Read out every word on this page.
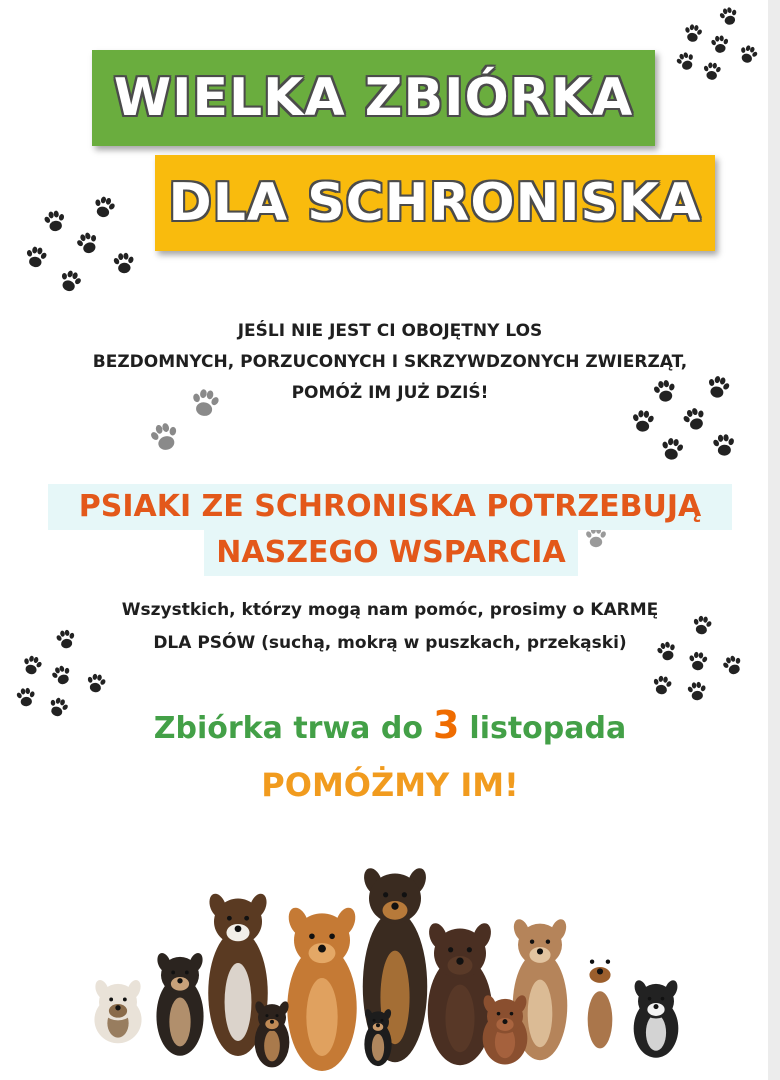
WIELKA ZBIÓRKA
DLA SCHRONISKA
JEŚLI NIE JEST CI OBOJĘTNY LOS
BEZDOMNYCH, PORZUCONYCH I SKRZYWDZONYCH ZWIERZĄT,
POMÓŻ IM JUŻ DZIŚ!
PSIAKI ZE SCHRONISKA POTRZEBUJĄ
NASZEGO WSPARCIA
Wszystkich, którzy mogą nam pomóc, prosimy o KARMĘ
DLA PSÓW (suchą, mokrą w puszkach, przekąski)
Zbiórka trwa do 3 listopada
POMÓŻMY IM!
